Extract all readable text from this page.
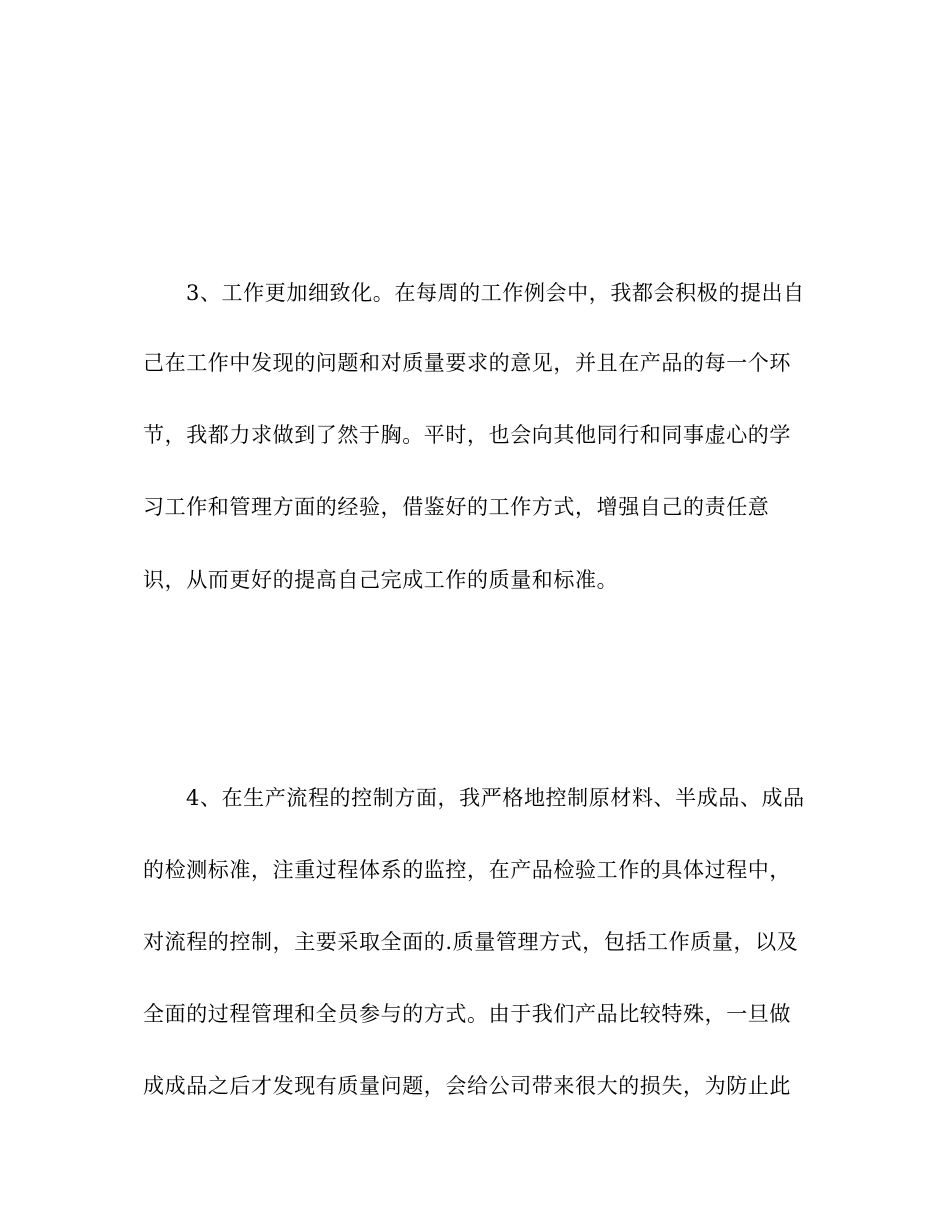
3、工作更加细致化。在每周的工作例会中，我都会积极的提出自
己在工作中发现的问题和对质量要求的意见，并且在产品的每一个环
节，我都力求做到了然于胸。平时，也会向其他同行和同事虚心的学
习工作和管理方面的经验，借鉴好的工作方式，增强自己的责任意
识，从而更好的提高自己完成工作的质量和标准。
4、在生产流程的控制方面，我严格地控制原材料、半成品、成品
的检测标准，注重过程体系的监控，在产品检验工作的具体过程中，
对流程的控制，主要采取全面的.质量管理方式，包括工作质量，以及
全面的过程管理和全员参与的方式。由于我们产品比较特殊，一旦做
成成品之后才发现有质量问题，会给公司带来很大的损失，为防止此
